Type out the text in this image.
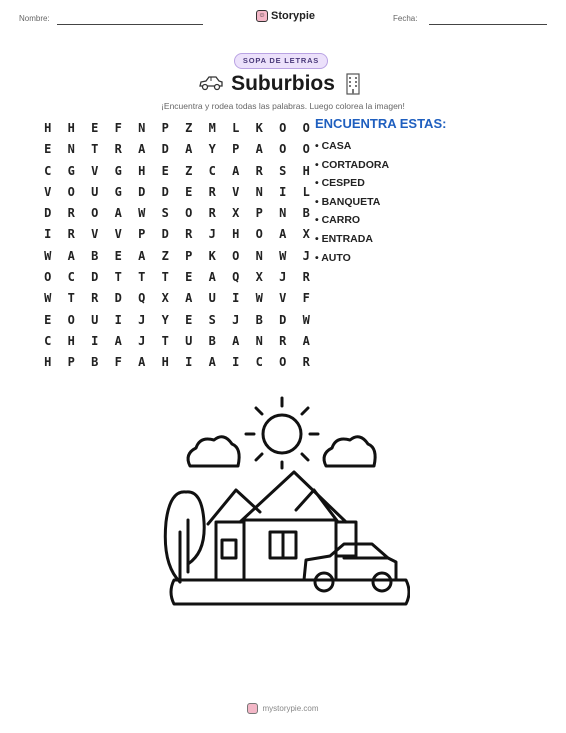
Nombre:	☺ Storypie	Fecha:
SOPA DE LETRAS
Suburbios
¡Encuentra y rodea todas las palabras. Luego colorea la imagen!
H	H	E	F	N	P	Z	M	L	K	O	O
E	N	T	R	A	D	A	Y	P	A	O	O
C	G	V	G	H	E	Z	C	A	R	S	H
V	O	U	G	D	D	E	R	V	N	I	L
D	R	O	A	W	S	O	R	X	P	N	B
I	R	V	V	P	D	R	J	H	O	A	X
W	A	B	E	A	Z	P	K	O	N	W	J
O	C	D	T	T	T	E	A	Q	X	J	R
W	T	R	D	Q	X	A	U	I	W	V	F
E	O	U	I	J	Y	E	S	J	B	D	W
C	H	I	A	J	T	U	B	A	N	R	A
H	P	B	F	A	H	I	A	I	C	O	R
ENCUENTRA ESTAS:
• CASA
• CORTADORA
• CESPED
• BANQUETA
• CARRO
• ENTRADA
• AUTO
mystorypie.com
